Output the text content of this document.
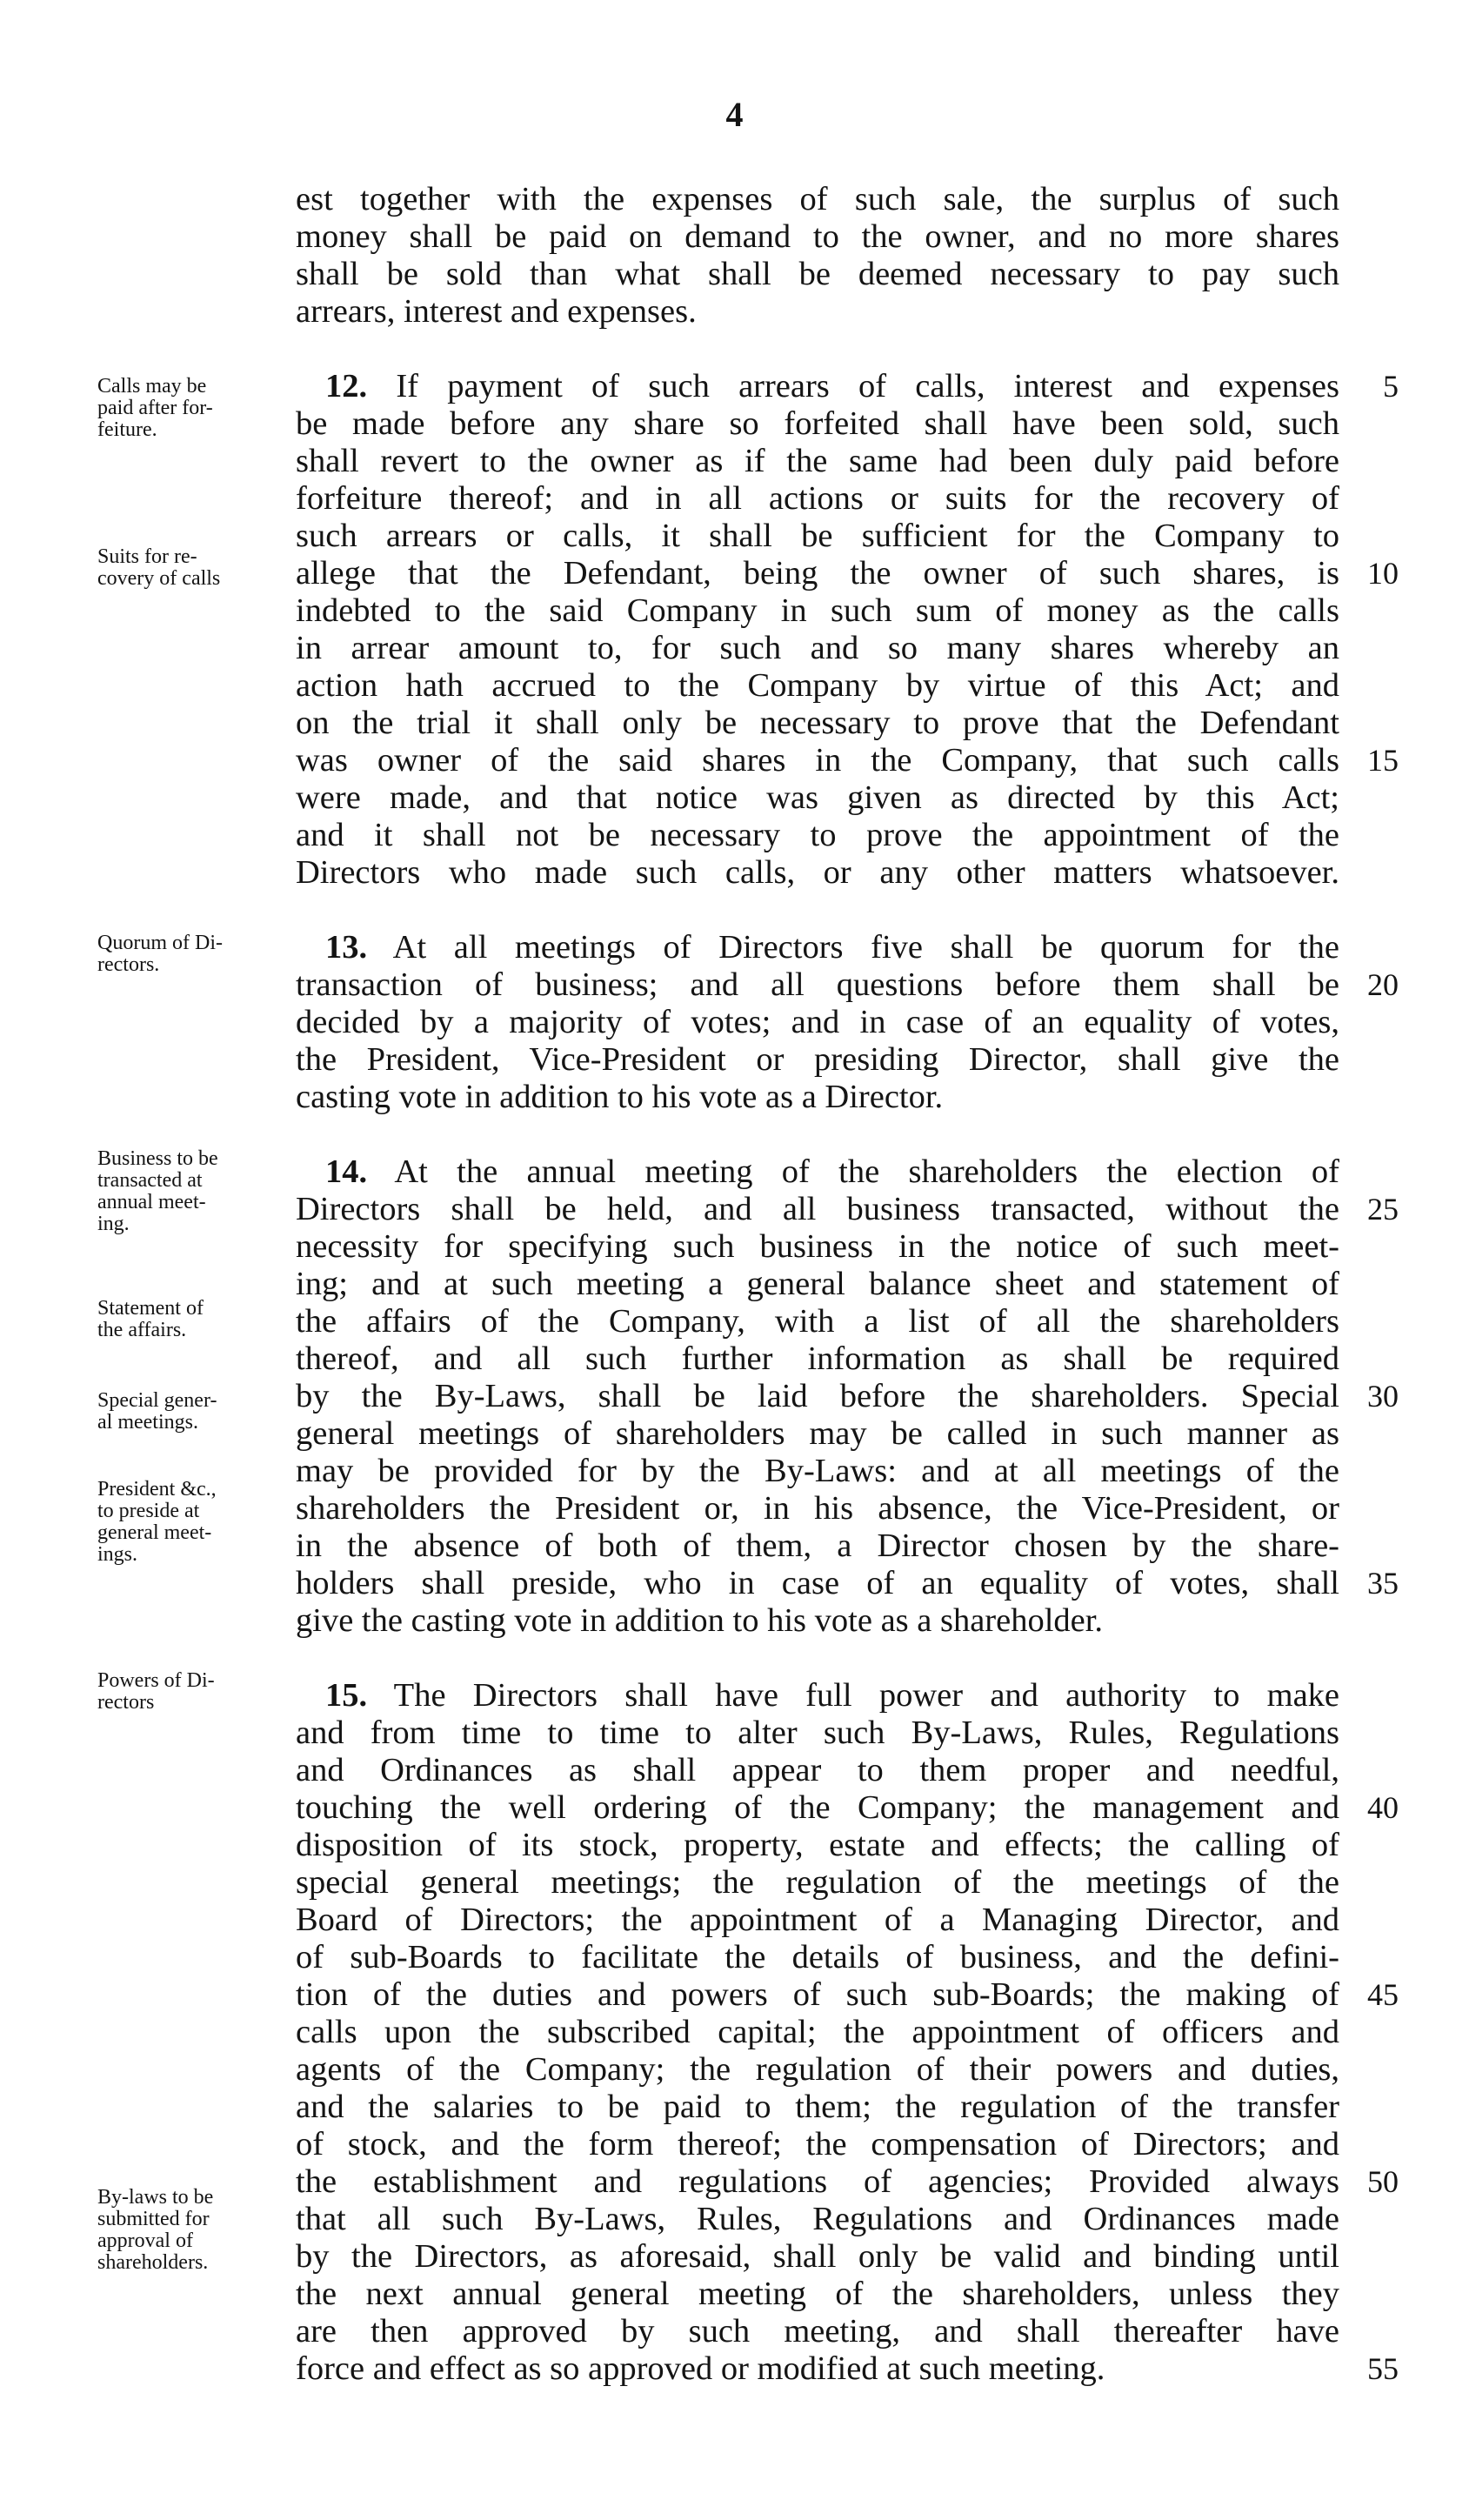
4
est together with the expenses of such sale, the surplus of such
money shall be paid on demand to the owner, and no more shares
shall be sold than what shall be deemed necessary to pay such
arrears, interest and expenses.
12. If payment of such arrears of calls, interest and expenses
be made before any share so forfeited shall have been sold, such
shall revert to the owner as if the same had been duly paid before
forfeiture thereof; and in all actions or suits for the recovery of
such arrears or calls, it shall be sufficient for the Company to
allege that the Defendant, being the owner of such shares, is
indebted to the said Company in such sum of money as the calls
in arrear amount to, for such and so many shares whereby an
action hath accrued to the Company by virtue of this Act; and
on the trial it shall only be necessary to prove that the Defendant
was owner of the said shares in the Company, that such calls
were made, and that notice was given as directed by this Act;
and it shall not be necessary to prove the appointment of the
Directors who made such calls, or any other matters whatsoever.
13. At all meetings of Directors five shall be quorum for the
transaction of business; and all questions before them shall be
decided by a majority of votes; and in case of an equality of votes,
the President, Vice-President or presiding Director, shall give the
casting vote in addition to his vote as a Director.
14. At the annual meeting of the shareholders the election of
Directors shall be held, and all business transacted, without the
necessity for specifying such business in the notice of such meet-
ing; and at such meeting a general balance sheet and statement of
the affairs of the Company, with a list of all the shareholders
thereof, and all such further information as shall be required
by the By-Laws, shall be laid before the shareholders. Special
general meetings of shareholders may be called in such manner as
may be provided for by the By-Laws: and at all meetings of the
shareholders the President or, in his absence, the Vice-President, or
in the absence of both of them, a Director chosen by the share-
holders shall preside, who in case of an equality of votes, shall
give the casting vote in addition to his vote as a shareholder.
15. The Directors shall have full power and authority to make
and from time to time to alter such By-Laws, Rules, Regulations
and Ordinances as shall appear to them proper and needful,
touching the well ordering of the Company; the management and
disposition of its stock, property, estate and effects; the calling of
special general meetings; the regulation of the meetings of the
Board of Directors; the appointment of a Managing Director, and
of sub-Boards to facilitate the details of business, and the defini-
tion of the duties and powers of such sub-Boards; the making of
calls upon the subscribed capital; the appointment of officers and
agents of the Company; the regulation of their powers and duties,
and the salaries to be paid to them; the regulation of the transfer
of stock, and the form thereof; the compensation of Directors; and
the establishment and regulations of agencies; Provided always
that all such By-Laws, Rules, Regulations and Ordinances made
by the Directors, as aforesaid, shall only be valid and binding until
the next annual general meeting of the shareholders, unless they
are then approved by such meeting, and shall thereafter have
force and effect as so approved or modified at such meeting.
Calls may be
paid after for-
feiture.
Suits for re-
covery of calls
Quorum of Di-
rectors.
Business to be
transacted at
annual meet-
ing.
Statement of
the affairs.
Special gener-
al meetings.
President &c.,
to preside at
general meet-
ings.
Powers of Di-
rectors
By-laws to be
submitted for
approval of
shareholders.
5
10
15
20
25
30
35
40
45
50
55
